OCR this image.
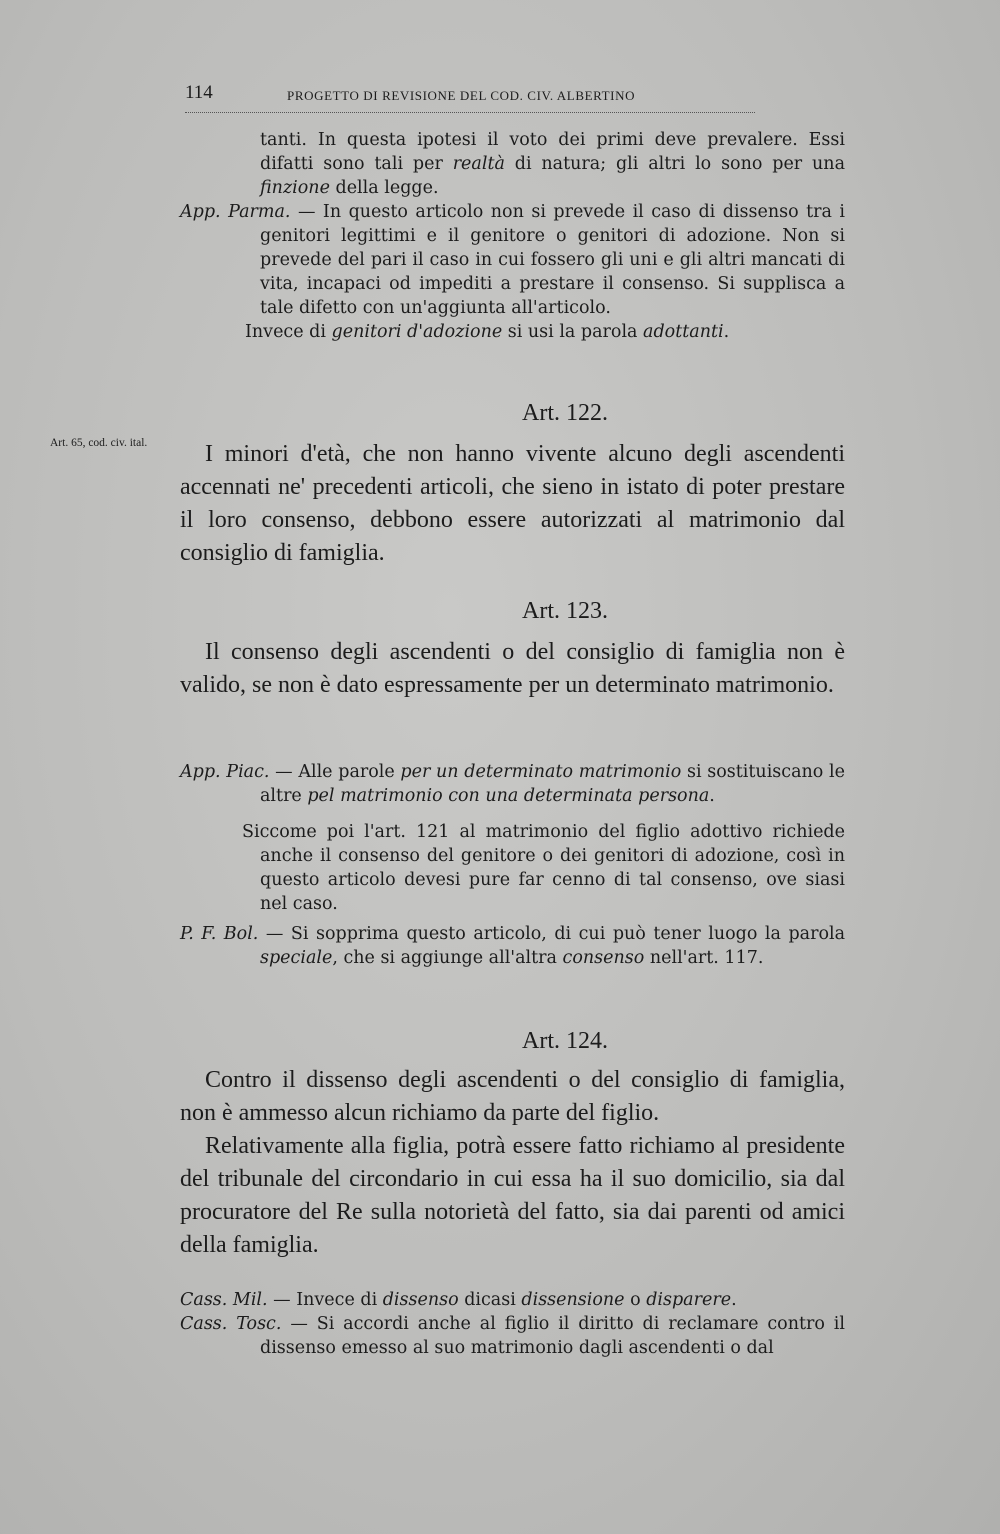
114	PROGETTO DI REVISIONE DEL COD. CIV. ALBERTINO

tanti. In questa ipotesi il voto dei primi deve prevalere. Essi difatti sono tali per realtà di natura; gli altri lo sono per una finzione della legge.

App. Parma. — In questo articolo non si prevede il caso di dissenso tra i genitori legittimi e il genitore o genitori di adozione. Non si prevede del pari il caso in cui fossero gli uni e gli altri mancati di vita, incapaci od impediti a prestare il consenso. Si supplisca a tale difetto con un'aggiunta all'articolo.

Invece di genitori d'adozione si usi la parola adottanti.

Art. 122.
Art. 65, cod. civ. ital.	I minori d'età, che non hanno vivente alcuno degli ascendenti accennati ne' precedenti articoli, che sieno in istato di poter prestare il loro consenso, debbono essere autorizzati al matrimonio dal consiglio di famiglia.

Art. 123.

Il consenso degli ascendenti o del consiglio di famiglia non è valido, se non è dato espressamente per un determinato matrimonio.

App. Piac. — Alle parole per un determinato matrimonio si sostituiscano le altre pel matrimonio con una determinata persona.

Siccome poi l'art. 121 al matrimonio del figlio adottivo richiede anche il consenso del genitore o dei genitori di adozione, così in questo articolo devesi pure far cenno di tal consenso, ove siasi nel caso.

P. F. Bol. — Si sopprima questo articolo, di cui può tener luogo la parola speciale, che si aggiunge all'altra consenso nell'art. 117.

Art. 124.

Contro il dissenso degli ascendenti o del consiglio di famiglia, non è ammesso alcun richiamo da parte del figlio.

Relativamente alla figlia, potrà essere fatto richiamo al presidente del tribunale del circondario in cui essa ha il suo domicilio, sia dal procuratore del Re sulla notorietà del fatto, sia dai parenti od amici della famiglia.

Cass. Mil. — Invece di dissenso dicasi dissensione o disparere.

Cass. Tosc. — Si accordi anche al figlio il diritto di reclamare contro il dissenso emesso al suo matrimonio dagli ascendenti o dal
